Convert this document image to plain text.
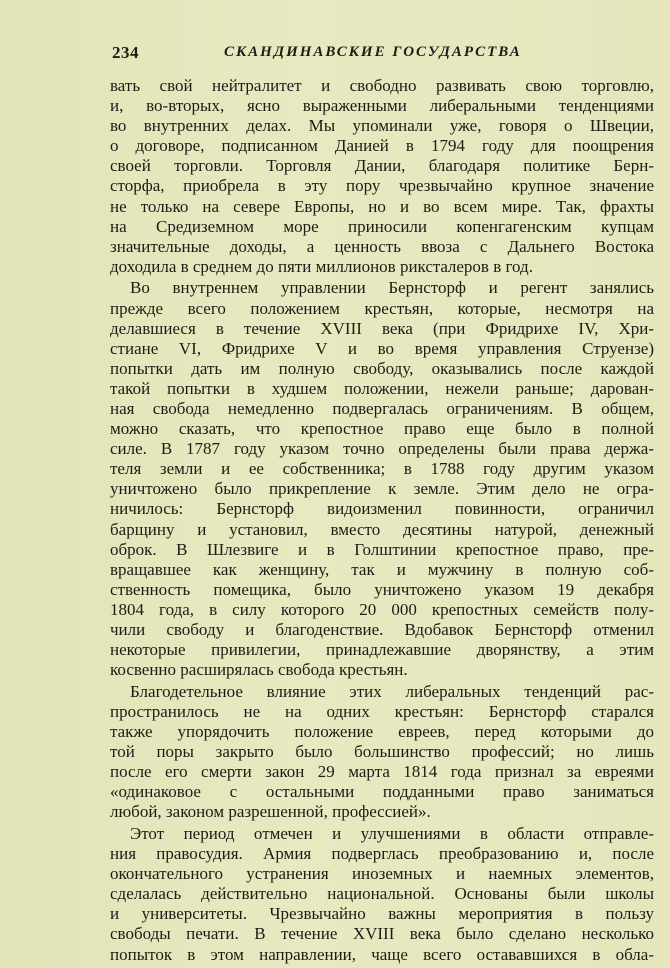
234	СКАНДИНАВСКИЕ ГОСУДАРСТВА

вать свой нейтралитет и свободно развивать свою торговлю,
и, во-вторых, ясно выраженными либеральными тенденциями
во внутренних делах. Мы упоминали уже, говоря о Швеции,
о договоре, подписанном Данией в 1794 году для поощрения
своей торговли. Торговля Дании, благодаря политике Берн-
сторфа, приобрела в эту пору чрезвычайно крупное значение
не только на севере Европы, но и во всем мире. Так, фрахты
на Средиземном море приносили копенгагенским купцам
значительные доходы, а ценность ввоза с Дальнего Востока
доходила в среднем до пяти миллионов рикстaлеров в год.

Во внутреннем управлении Бернсторф и регент занялись
прежде всего положением крестьян, которые, несмотря на
делавшиеся в течение XVIII века (при Фридрихе IV, Хри-
стиане VI, Фридрихе V и во время управления Струензе)
попытки дать им полную свободу, оказывались после каждой
такой попытки в худшем положении, нежели раньше; дарован-
ная свобода немедленно подвергалась ограничениям. В общем,
можно сказать, что крепостное право еще было в полной
силе. В 1787 году указом точно определены были права держа-
теля земли и ее собственника; в 1788 году другим указом
уничтожено было прикрепление к земле. Этим дело не огра-
ничилось: Бернсторф видоизменил повинности, ограничил
барщину и установил, вместо десятины натурой, денежный
оброк. В Шлезвиге и в Голштинии крепостное право, пре-
вращавшее как женщину, так и мужчину в полную соб-
ственность помещика, было уничтожено указом 19 декабря
1804 года, в силу которого 20 000 крепостных семейств полу-
чили свободу и благоденствие. Вдобавок Бернсторф отменил
некоторые привилегии, принадлежавшие дворянству, а этим
косвенно расширялась свобода крестьян.

Благодетельное влияние этих либеральных тенденций рас-
пространилось не на одних крестьян: Бернсторф старался
также упорядочить положение евреев, перед которыми до
той поры закрыто было большинство профессий; но лишь
после его смерти закон 29 марта 1814 года признал за евреями
«одинаковое с остальными подданными право заниматься
любой, законом разрешенной, профессией».

Этот период отмечен и улучшениями в области отправле-
ния правосудия. Армия подверглась преобразованию и, после
окончательного устранения иноземных и наемных элементов,
сделалась действительно национальной. Основаны были школы
и университеты. Чрезвычайно важны мероприятия в пользу
свободы печати. В течение XVIII века было сделано несколько
попыток в этом направлении, чаще всего остававшихся в обла-
